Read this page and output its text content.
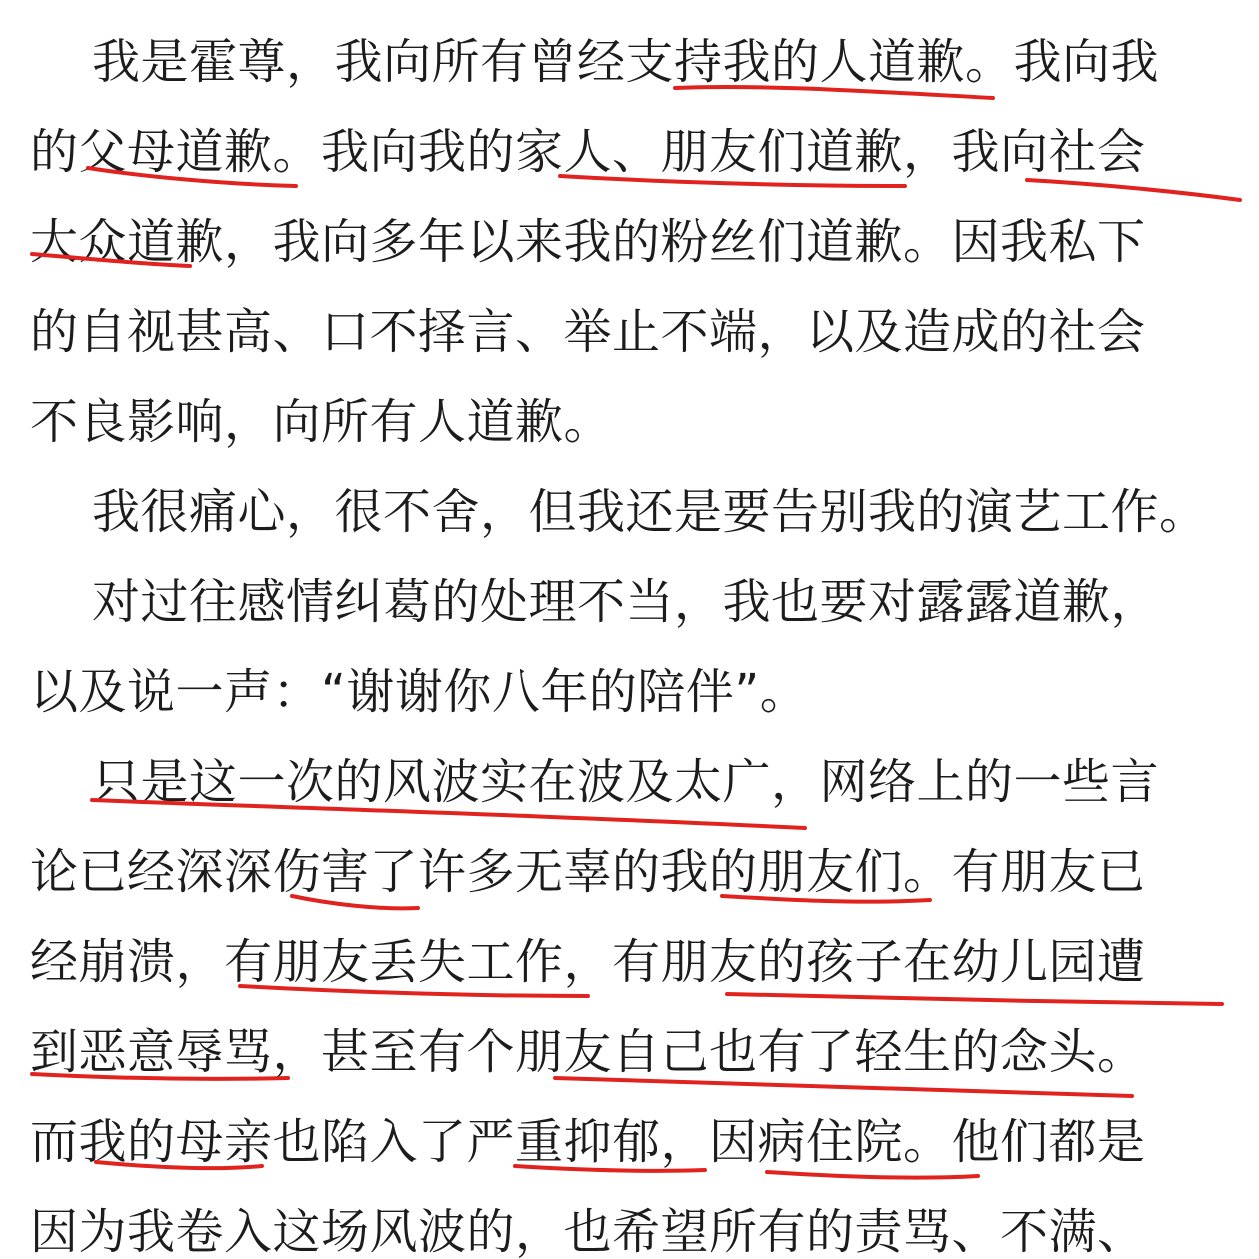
我是霍尊，我向所有曾经支持我的人道歉。我向我
的父母道歉。我向我的家人、朋友们道歉，我向社会
大众道歉，我向多年以来我的粉丝们道歉。因我私下
的自视甚高、口不择言、举止不端，以及造成的社会
不良影响，向所有人道歉。
我很痛心，很不舍，但我还是要告别我的演艺工作。
对过往感情纠葛的处理不当，我也要对露露道歉，
以及说一声：“谢谢你八年的陪伴”。
只是这一次的风波实在波及太广，网络上的一些言
论已经深深伤害了许多无辜的我的朋友们。有朋友已
经崩溃，有朋友丢失工作，有朋友的孩子在幼儿园遭
到恶意辱骂，甚至有个朋友自己也有了轻生的念头。
而我的母亲也陷入了严重抑郁，因病住院。他们都是
因为我卷入这场风波的，也希望所有的责骂、不满、
